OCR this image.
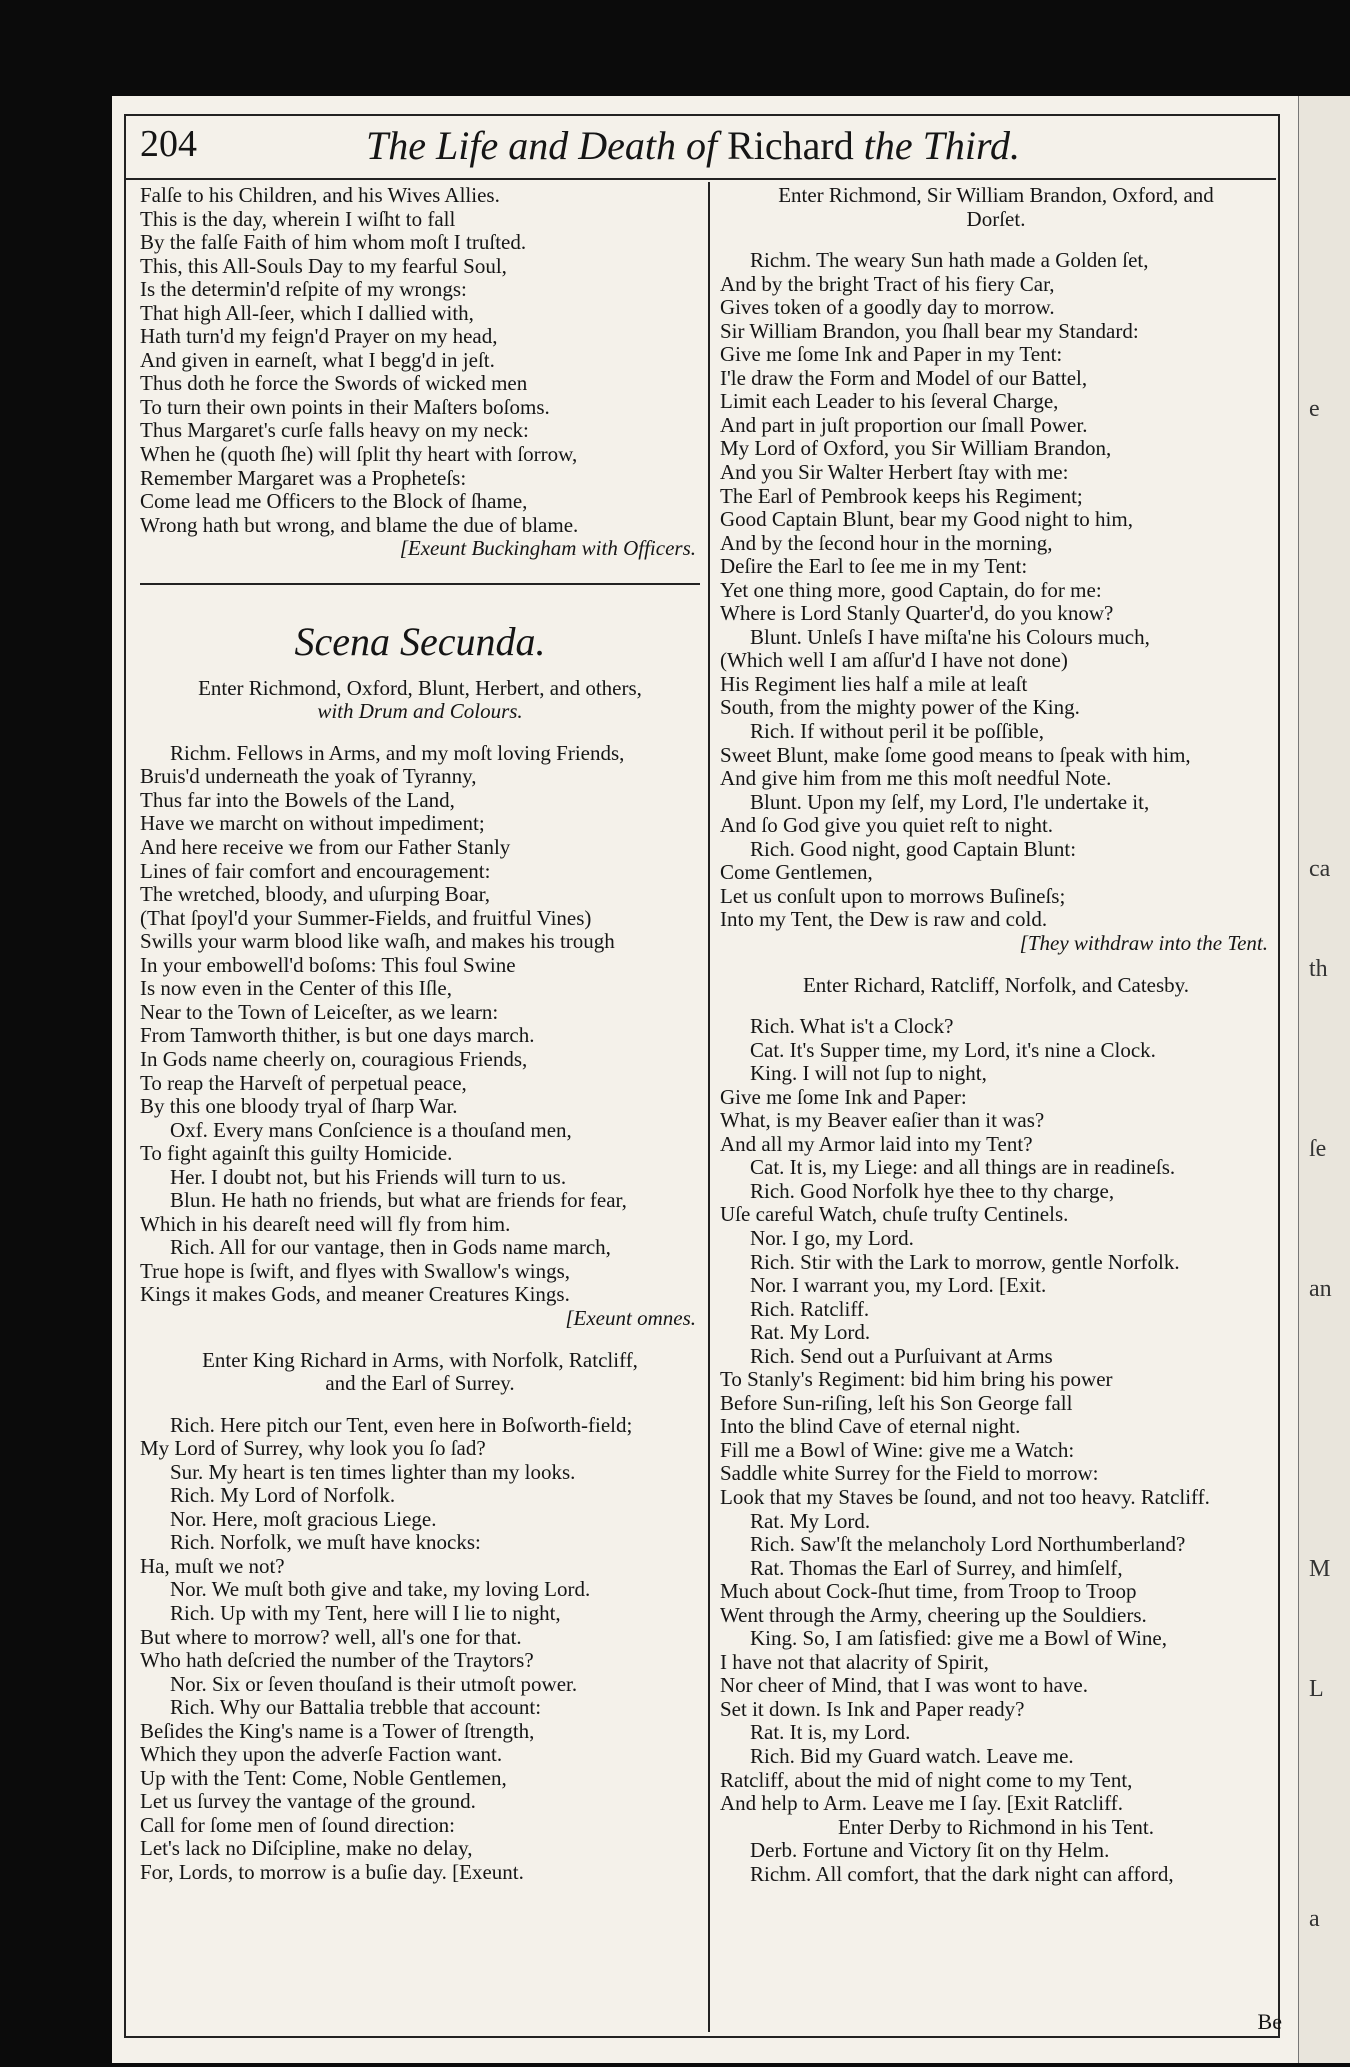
204	The Life and Death of Richard the Third.
Falſe to his Children, and his Wives Allies.
This is the day, wherein I wiſht to fall
By the falſe Faith of him whom moſt I truſted.
This, this All-Souls Day to my fearful Soul,
Is the determin'd reſpite of my wrongs:
That high All-ſeer, which I dallied with,
Hath turn'd my feign'd Prayer on my head,
And given in earneſt, what I begg'd in jeſt.
Thus doth he force the Swords of wicked men
To turn their own points in their Maſters boſoms.
Thus Margaret's curſe falls heavy on my neck:
When he (quoth ſhe) will ſplit thy heart with ſorrow,
Remember Margaret was a Propheteſs:
Come lead me Officers to the Block of ſhame,
Wrong hath but wrong, and blame the due of blame.
[Exeunt Buckingham with Officers.
Scena Secunda.
Enter Richmond, Oxford, Blunt, Herbert, and others,
with Drum and Colours.
Richm. Fellows in Arms, and my moſt loving Friends,
Bruis'd underneath the yoak of Tyranny,
Thus far into the Bowels of the Land,
Have we marcht on without impediment;
And here receive we from our Father Stanly
Lines of fair comfort and encouragement:
The wretched, bloody, and uſurping Boar,
(That ſpoyl'd your Summer-Fields, and fruitful Vines)
Swills your warm blood like waſh, and makes his trough
In your embowell'd boſoms: This foul Swine
Is now even in the Center of this Iſle,
Near to the Town of Leiceſter, as we learn:
From Tamworth thither, is but one days march.
In Gods name cheerly on, couragious Friends,
To reap the Harveſt of perpetual peace,
By this one bloody tryal of ſharp War.
Oxf. Every mans Conſcience is a thouſand men,
To fight againſt this guilty Homicide.
Her. I doubt not, but his Friends will turn to us.
Blun. He hath no friends, but what are friends for fear,
Which in his deareſt need will fly from him.
Rich. All for our vantage, then in Gods name march,
True hope is ſwift, and flyes with Swallow's wings,
Kings it makes Gods, and meaner Creatures Kings.
[Exeunt omnes.
Enter King Richard in Arms, with Norfolk, Ratcliff,
and the Earl of Surrey.
Rich. Here pitch our Tent, even here in Boſworth-field;
My Lord of Surrey, why look you ſo ſad?
Sur. My heart is ten times lighter than my looks.
Rich. My Lord of Norfolk.
Nor. Here, moſt gracious Liege.
Rich. Norfolk, we muſt have knocks:
Ha, muſt we not?
Nor. We muſt both give and take, my loving Lord.
Rich. Up with my Tent, here will I lie to night,
But where to morrow? well, all's one for that.
Who hath deſcried the number of the Traytors?
Nor. Six or ſeven thouſand is their utmoſt power.
Rich. Why our Battalia trebble that account:
Beſides the King's name is a Tower of ſtrength,
Which they upon the adverſe Faction want.
Up with the Tent: Come, Noble Gentlemen,
Let us ſurvey the vantage of the ground.
Call for ſome men of ſound direction:
Let's lack no Diſcipline, make no delay,
For, Lords, to morrow is a buſie day. [Exeunt.
Enter Richmond, Sir William Brandon, Oxford, and
Dorſet.
Richm. The weary Sun hath made a Golden ſet,
And by the bright Tract of his fiery Car,
Gives token of a goodly day to morrow.
Sir William Brandon, you ſhall bear my Standard:
Give me ſome Ink and Paper in my Tent:
I'le draw the Form and Model of our Battel,
Limit each Leader to his ſeveral Charge,
And part in juſt proportion our ſmall Power.
My Lord of Oxford, you Sir William Brandon,
And you Sir Walter Herbert ſtay with me:
The Earl of Pembrook keeps his Regiment;
Good Captain Blunt, bear my Good night to him,
And by the ſecond hour in the morning,
Deſire the Earl to ſee me in my Tent:
Yet one thing more, good Captain, do for me:
Where is Lord Stanly Quarter'd, do you know?
Blunt. Unleſs I have miſta'ne his Colours much,
(Which well I am aſſur'd I have not done)
His Regiment lies half a mile at leaſt
South, from the mighty power of the King.
Rich. If without peril it be poſſible,
Sweet Blunt, make ſome good means to ſpeak with him,
And give him from me this moſt needful Note.
Blunt. Upon my ſelf, my Lord, I'le undertake it,
And ſo God give you quiet reſt to night.
Rich. Good night, good Captain Blunt:
Come Gentlemen,
Let us conſult upon to morrows Buſineſs;
Into my Tent, the Dew is raw and cold.
[They withdraw into the Tent.
Enter Richard, Ratcliff, Norfolk, and Catesby.
Rich. What is't a Clock?
Cat. It's Supper time, my Lord, it's nine a Clock.
King. I will not ſup to night,
Give me ſome Ink and Paper:
What, is my Beaver eaſier than it was?
And all my Armor laid into my Tent?
Cat. It is, my Liege: and all things are in readineſs.
Rich. Good Norfolk hye thee to thy charge,
Uſe careful Watch, chuſe truſty Centinels.
Nor. I go, my Lord.
Rich. Stir with the Lark to morrow, gentle Norfolk.
Nor. I warrant you, my Lord. [Exit.
Rich. Ratcliff.
Rat. My Lord.
Rich. Send out a Purſuivant at Arms
To Stanly's Regiment: bid him bring his power
Before Sun-riſing, leſt his Son George fall
Into the blind Cave of eternal night.
Fill me a Bowl of Wine: give me a Watch:
Saddle white Surrey for the Field to morrow:
Look that my Staves be ſound, and not too heavy. Ratcliff.
Rat. My Lord.
Rich. Saw'ſt the melancholy Lord Northumberland?
Rat. Thomas the Earl of Surrey, and himſelf,
Much about Cock-ſhut time, from Troop to Troop
Went through the Army, cheering up the Souldiers.
King. So, I am ſatisfied: give me a Bowl of Wine,
I have not that alacrity of Spirit,
Nor cheer of Mind, that I was wont to have.
Set it down. Is Ink and Paper ready?
Rat. It is, my Lord.
Rich. Bid my Guard watch. Leave me.
Ratcliff, about the mid of night come to my Tent,
And help to Arm. Leave me I ſay. [Exit Ratcliff.
Enter Derby to Richmond in his Tent.
Derb. Fortune and Victory ſit on thy Helm.
Richm. All comfort, that the dark night can afford,
Be
e
ca
th
ſe
an
M
L
a
